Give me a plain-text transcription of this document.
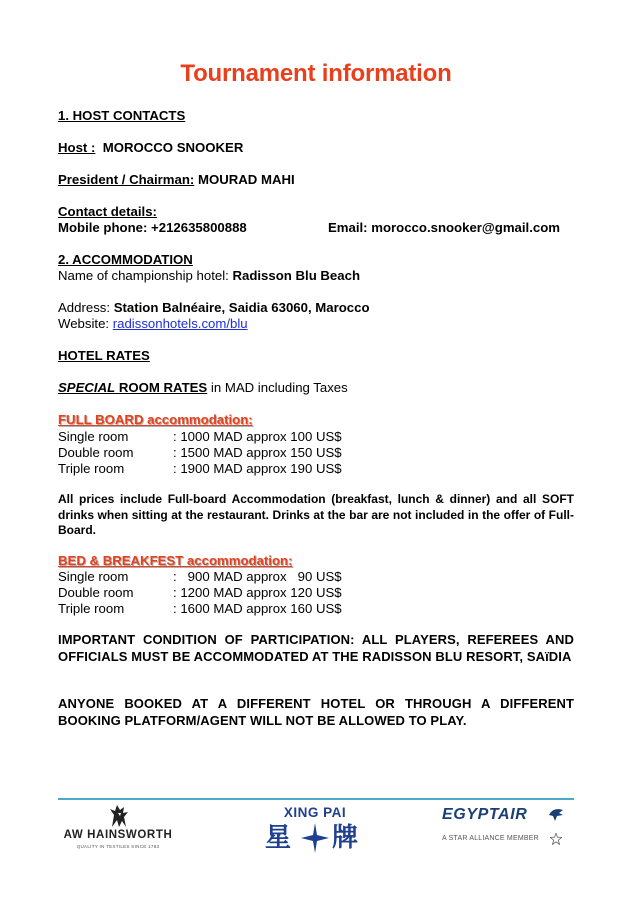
Tournament information
1. HOST CONTACTS
Host : MOROCCO SNOOKER
President / Chairman: MOURAD MAHI
Contact details:
Mobile phone: +212635800888	Email: morocco.snooker@gmail.com
2. ACCOMMODATION
Name of championship hotel: Radisson Blu Beach
Address: Station Balnéaire, Saidia 63060, Marocco
Website: radissonhotels.com/blu
HOTEL RATES
SPECIAL ROOM RATES in MAD including Taxes
FULL BOARD accommodation:
Single room	: 1000 MAD approx 100 US$
Double room	: 1500 MAD approx 150 US$
Triple room	: 1900 MAD approx 190 US$
All prices include Full-board Accommodation (breakfast, lunch & dinner) and all SOFT drinks when sitting at the restaurant. Drinks at the bar are not included in the offer of Full-Board.
BED & BREAKFEST accommodation:
Single room	:   900 MAD approx   90 US$
Double room	: 1200 MAD approx 120 US$
Triple room	: 1600 MAD approx 160 US$
IMPORTANT CONDITION OF PARTICIPATION: ALL PLAYERS, REFEREES AND OFFICIALS MUST BE ACCOMMODATED AT THE RADISSON BLU RESORT, SAïDIA
ANYONE BOOKED AT A DIFFERENT HOTEL OR THROUGH A DIFFERENT BOOKING PLATFORM/AGENT WILL NOT BE ALLOWED TO PLAY.
AW HAINSWORTH
QUALITY IN TEXTILES SINCE 1783
XING PAI
星 牌
EGYPTAIR
A STAR ALLIANCE MEMBER
